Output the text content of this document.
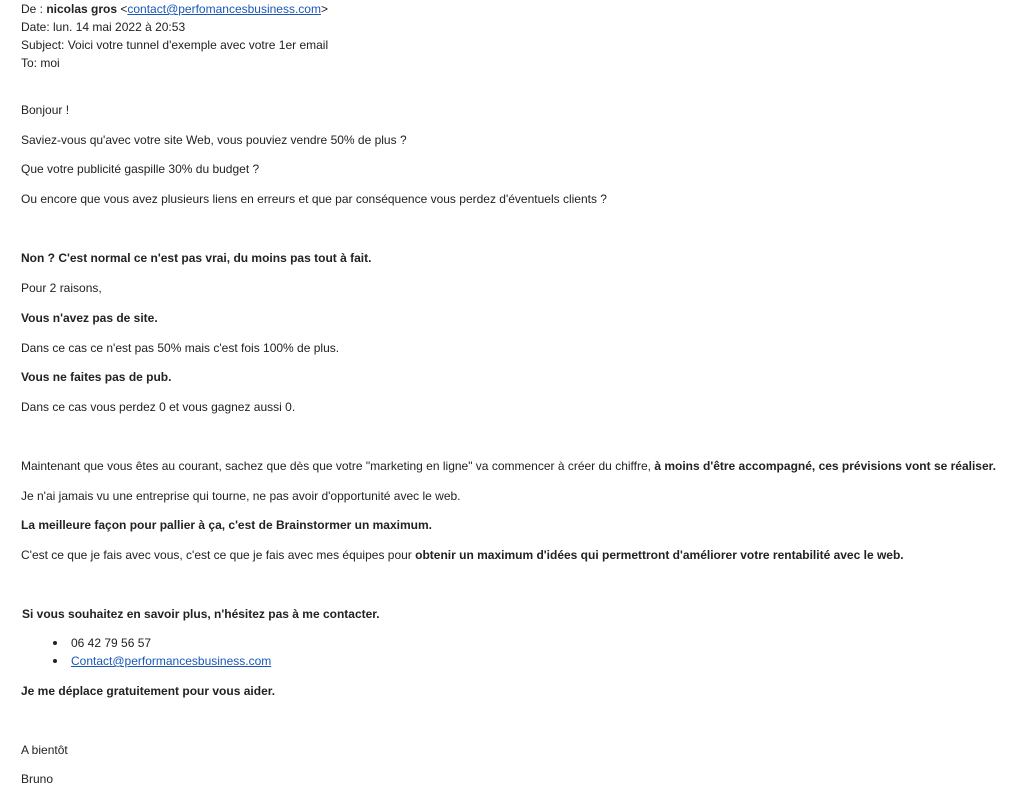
De : nicolas gros <contact@perfomancesbusiness.com>
Date: lun. 14 mai 2022 à 20:53
Subject: Voici votre tunnel d'exemple avec votre 1er email
To: moi
Bonjour !
Saviez-vous qu'avec votre site Web, vous pouviez vendre 50% de plus ?
Que votre publicité gaspille 30% du budget ?
Ou encore que vous avez plusieurs liens en erreurs et que par conséquence vous perdez d'éventuels clients ?
Non ? C'est normal ce n'est pas vrai, du moins pas tout à fait.
Pour 2 raisons,
Vous n'avez pas de site.
Dans ce cas ce n'est pas 50% mais c'est fois 100% de plus.
Vous ne faites pas de pub.
Dans ce cas vous perdez 0 et vous gagnez aussi 0.
Maintenant que vous êtes au courant, sachez que dès que votre "marketing en ligne" va commencer à créer du chiffre, à moins d'être accompagné, ces prévisions vont se réaliser.
Je n'ai jamais vu une entreprise qui tourne, ne pas avoir d'opportunité avec le web.
La meilleure façon pour pallier à ça, c'est de Brainstormer un maximum.
C'est ce que je fais avec vous, c'est ce que je fais avec mes équipes pour obtenir un maximum d'idées qui permettront d'améliorer votre rentabilité avec le web.
Si vous souhaitez en savoir plus, n'hésitez pas à me contacter.
06 42 79 56 57
Contact@performancesbusiness.com
Je me déplace gratuitement pour vous aider.
A bientôt
Bruno
